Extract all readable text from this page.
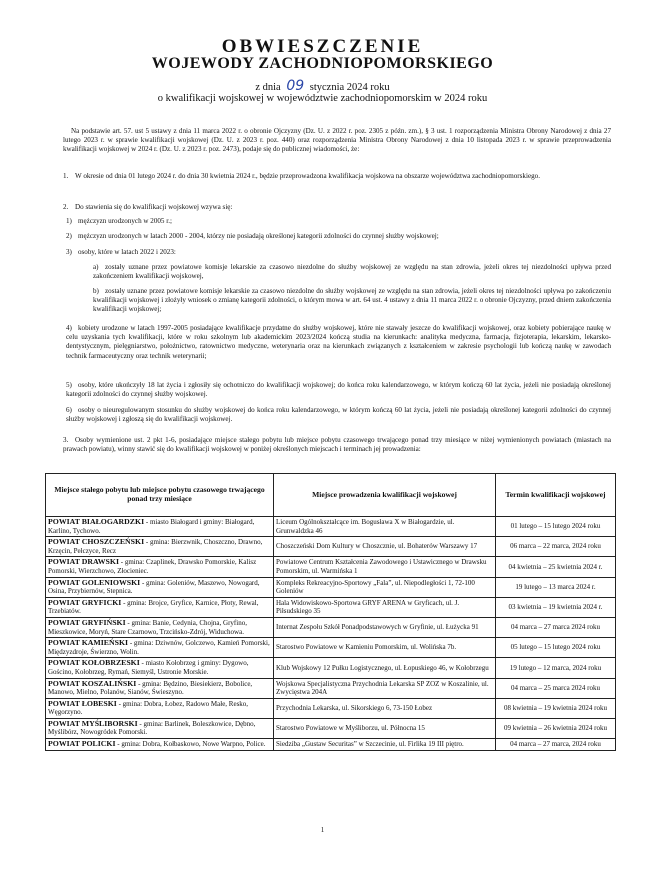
OBWIESZCZENIE
WOJEWODY ZACHODNIOPOMORSKIEGO
z dnia 09 stycznia 2024 roku
o kwalifikacji wojskowej w województwie zachodniopomorskim w 2024 roku
Na podstawie art. 57. ust 5 ustawy z dnia 11 marca 2022 r. o obronie Ojczyzny (Dz. U. z 2022 r. poz. 2305 z późn. zm.), § 3 ust. 1 rozporządzenia Ministra Obrony Narodowej z dnia 27 lutego 2023 r. w sprawie kwalifikacji wojskowej (Dz. U. z 2023 r. poz. 440) oraz rozporządzenia Ministra Obrony Narodowej z dnia 10 listopada 2023 r. w sprawie przeprowadzenia kwalifikacji wojskowej w 2024 r. (Dz. U. z 2023 r. poz. 2473), podaje się do publicznej wiadomości, że:
1. W okresie od dnia 01 lutego 2024 r. do dnia 30 kwietnia 2024 r., będzie przeprowadzona kwalifikacja wojskowa na obszarze województwa zachodniopomorskiego.
2. Do stawienia się do kwalifikacji wojskowej wzywa się:
1) mężczyzn urodzonych w 2005 r.;
2) mężczyzn urodzonych w latach 2000 - 2004, którzy nie posiadają określonej kategorii zdolności do czynnej służby wojskowej;
3) osoby, które w latach 2022 i 2023:
a) zostały uznane przez powiatowe komisje lekarskie za czasowo niezdolne do służby wojskowej ze względu na stan zdrowia, jeżeli okres tej niezdolności upływa przed zakończeniem kwalifikacji wojskowej,
b) zostały uznane przez powiatowe komisje lekarskie za czasowo niezdolne do służby wojskowej ze względu na stan zdrowia, jeżeli okres tej niezdolności upływa po zakończeniu kwalifikacji wojskowej i złożyły wniosek o zmianę kategorii zdolności, o którym mowa w art. 64 ust. 4 ustawy z dnia 11 marca 2022 r. o obronie Ojczyzny, przed dniem zakończenia kwalifikacji wojskowej;
4) kobiety urodzone w latach 1997-2005 posiadające kwalifikacje przydatne do służby wojskowej, które nie stawały jeszcze do kwalifikacji wojskowej, oraz kobiety pobierające naukę w celu uzyskania tych kwalifikacji, które w roku szkolnym lub akademickim 2023/2024 kończą studia na kierunkach: analityka medyczna, farmacja, fizjoterapia, lekarskim, lekarsko-dentystycznym, pielęgniarstwo, położnictwo, ratownictwo medyczne, weterynaria oraz na kierunkach związanych z kształceniem w zakresie psychologii lub kończą naukę w zawodach technik farmaceutyczny oraz technik weterynarii;
5) osoby, które ukończyły 18 lat życia i zgłosiły się ochotniczo do kwalifikacji wojskowej; do końca roku kalendarzowego, w którym kończą 60 lat życia, jeżeli nie posiadają określonej kategorii zdolności do czynnej służby wojskowej.
6) osoby o nieuregulowanym stosunku do służby wojskowej do końca roku kalendarzowego, w którym kończą 60 lat życia, jeżeli nie posiadają określonej kategorii zdolności do czynnej służby wojskowej i zgłoszą się do kwalifikacji wojskowej.
3. Osoby wymienione ust. 2 pkt 1-6, posiadające miejsce stałego pobytu lub miejsce pobytu czasowego trwającego ponad trzy miesiące w niżej wymienionych powiatach (miastach na prawach powiatu), winny stawić się do kwalifikacji wojskowej w poniżej określonych miejscach i terminach jej prowadzenia:
Miejsce stałego pobytu lub miejsce pobytu czasowego trwającego ponad trzy miesiące	Miejsce prowadzenia kwalifikacji wojskowej	Termin kwalifikacji wojskowej
POWIAT BIAŁOGARDZKI - miasto Białogard i gminy: Białogard, Karlino, Tychowo.	Liceum Ogólnokształcące im. Bogusława X w Białogardzie, ul. Grunwaldzka 46	01 lutego – 15 lutego 2024 roku
POWIAT CHOSZCZEŃSKI - gmina: Bierzwnik, Choszczno, Drawno, Krzęcin, Pełczyce, Recz	Choszczeński Dom Kultury w Choszcznie, ul. Bohaterów Warszawy 17	06 marca – 22 marca, 2024 roku
POWIAT DRAWSKI - gmina: Czaplinek, Drawsko Pomorskie, Kalisz Pomorski, Wierzchowo, Złocieniec.	Powiatowe Centrum Kształcenia Zawodowego i Ustawicznego w Drawsku Pomorskim, ul. Warmińska 1	04 kwietnia – 25 kwietnia 2024 r.
POWIAT GOLENIOWSKI - gmina: Goleniów, Maszewo, Nowogard, Osina, Przybiernów, Stepnica.	Kompleks Rekreacyjno-Sportowy „Fala”, ul. Niepodległości 1, 72-100 Goleniów	19 lutego – 13 marca 2024 r.
POWIAT GRYFICKI - gmina: Brojce, Gryfice, Karnice, Płoty, Rewal, Trzebiatów.	Hala Widowiskowo-Sportowa GRYF ARENA w Gryficach, ul. J. Piłsudskiego 35	03 kwietnia – 19 kwietnia 2024 r.
POWIAT GRYFIŃSKI - gmina: Banie, Cedynia, Chojna, Gryfino, Mieszkowice, Moryń, Stare Czarnowo, Trzcińsko-Zdrój, Widuchowa.	Internat Zespołu Szkół Ponadpodstawowych w Gryfinie, ul. Łużycka 91	04 marca – 27 marca 2024 roku
POWIAT KAMIEŃSKI - gmina: Dziwnów, Golczewo, Kamień Pomorski, Międzyzdroje, Świerzno, Wolin.	Starostwo Powiatowe w Kamieniu Pomorskim, ul. Wolińska 7b.	05 lutego – 15 lutego 2024 roku
POWIAT KOŁOBRZESKI - miasto Kołobrzeg i gminy: Dygowo, Gościno, Kołobrzeg, Rymań, Siemyśl, Ustronie Morskie.	Klub Wojskowy 12 Pułku Logistycznego, ul. Łopuskiego 46, w Kołobrzegu	19 lutego – 12 marca, 2024 roku
POWIAT KOSZALIŃSKI - gmina: Będzino, Biesiekierz, Bobolice, Manowo, Mielno, Polanów, Sianów, Świeszyno.	Wojskowa Specjalistyczna Przychodnia Lekarska SP ZOZ w Koszalinie, ul. Zwycięstwa 204A	04 marca – 25 marca 2024 roku
POWIAT ŁOBESKI - gmina: Dobra, Łobez, Radowo Małe, Resko, Węgorzyno.	Przychodnia Lekarska, ul. Sikorskiego 6, 73-150 Łobez	08 kwietnia – 19 kwietnia 2024 roku
POWIAT MYŚLIBORSKI - gmina: Barlinek, Boleszkowice, Dębno, Myślibórz, Nowogródek Pomorski.	Starostwo Powiatowe w Myśliborzu, ul. Północna 15	09 kwietnia – 26 kwietnia 2024 roku
POWIAT POLICKI - gmina: Dobra, Kołbaskowo, Nowe Warpno, Police.	Siedziba „Gustaw Securitas” w Szczecinie, ul. Firlika 19 III piętro.	04 marca – 27 marca, 2024 roku
1
